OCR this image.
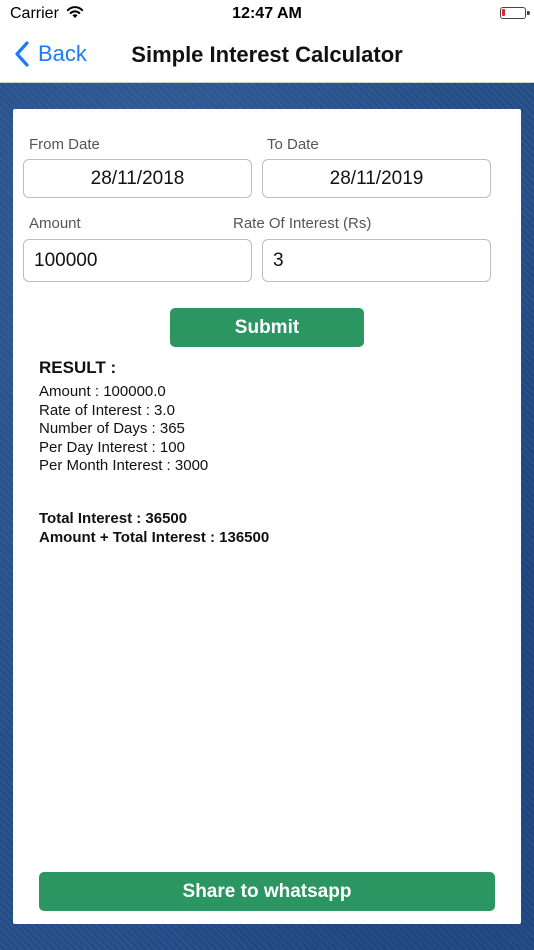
Carrier	12:47 AM
Back	Simple Interest Calculator
From Date
28/11/2018
To Date
28/11/2019
Amount
100000
Rate Of Interest (Rs)
3
Submit
RESULT :
Amount : 100000.0
Rate of Interest : 3.0
Number of Days : 365
Per Day Interest : 100
Per Month Interest : 3000
Total Interest : 36500
Amount + Total Interest : 136500
Share to whatsapp
